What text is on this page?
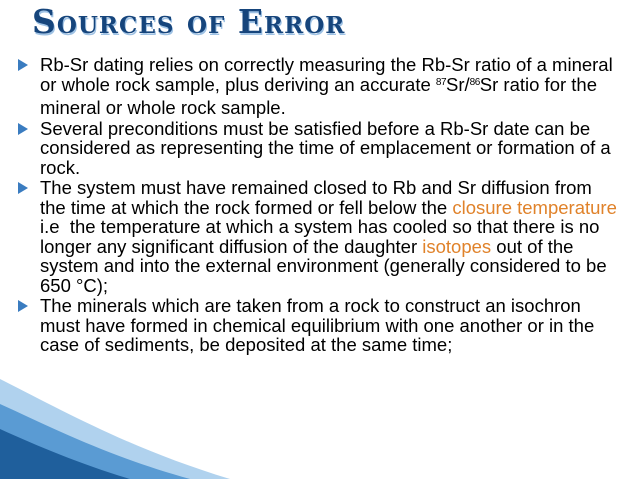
Sources of Error
Rb-Sr dating relies on correctly measuring the Rb-Sr ratio of a mineral or whole rock sample, plus deriving an accurate $^{87}$Sr/$^{86}$Sr ratio for the mineral or whole rock sample.
Several preconditions must be satisfied before a Rb-Sr date can be considered as representing the time of emplacement or formation of a rock.
The system must have remained closed to Rb and Sr diffusion from the time at which the rock formed or fell below the closure temperature i.e  the temperature at which a system has cooled so that there is no longer any significant diffusion of the daughter isotopes out of the system and into the external environment (generally considered to be 650 °C);
The minerals which are taken from a rock to construct an isochron must have formed in chemical equilibrium with one another or in the case of sediments, be deposited at the same time;
